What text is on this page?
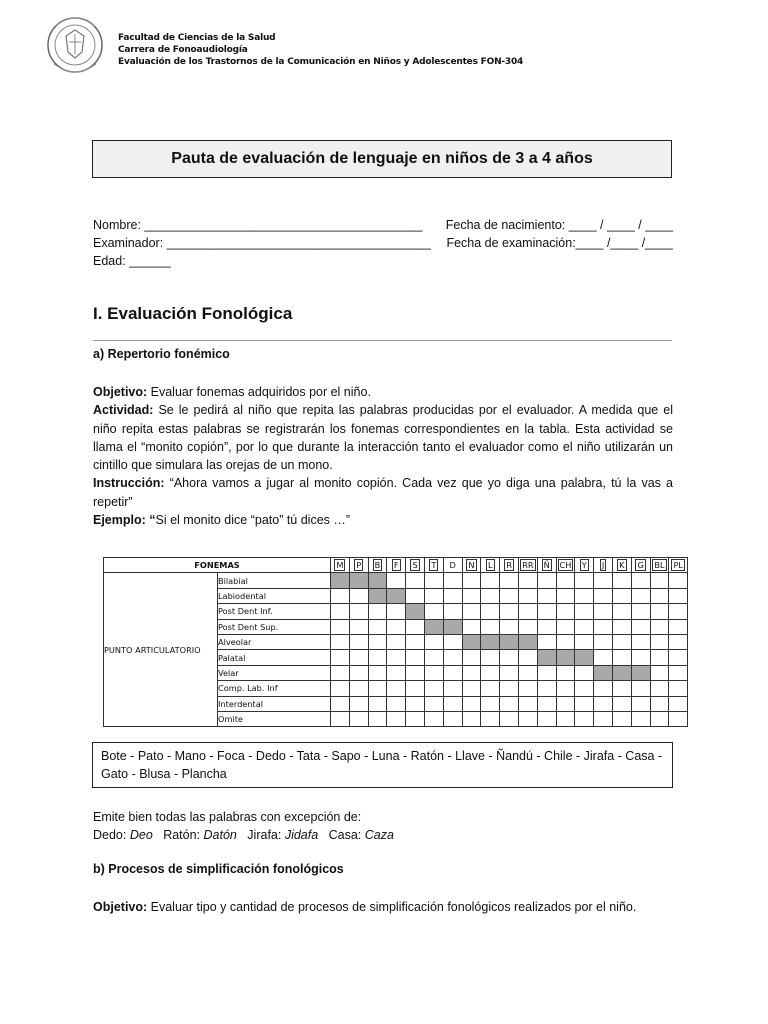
Facultad de Ciencias de la Salud
Carrera de Fonoaudiología
Evaluación de los Trastornos de la Comunicación en Niños y Adolescentes FON-304
Pauta de evaluación de lenguaje en niños de 3 a 4 años
Nombre: ________________________________________ Fecha de nacimiento: ____ / ____ / ____
Examinador: ______________________________________ Fecha de examinación:____ /____ /____
Edad: ______
I. Evaluación Fonológica
a) Repertorio fonémico
Objetivo: Evaluar fonemas adquiridos por el niño.
Actividad: Se le pedirá al niño que repita las palabras producidas por el evaluador. A medida que el niño repita estas palabras se registrarán los fonemas correspondientes en la tabla. Esta actividad se llama el “monito copión”, por lo que durante la interacción tanto el evaluador como el niño utilizarán un cintillo que simulara las orejas de un mono.
Instrucción: “Ahora vamos a jugar al monito copión. Cada vez que yo diga una palabra, tú la vas a repetir”
Ejemplo: “Si el monito dice “pato” tú dices …”
FONEMAS		M	P	B	F	S	T	D	N	L	R	RR	Ñ	CH	Y	J	K	G	BL	PL
PUNTO ARTICULATORIO	Bilabial																			
	Labiodental																			
	Post Dent Inf.																			
	Post Dent Sup.																			
	Alveolar																			
	Palatal																			
	Velar																			
	Comp. Lab. Inf																			
	Interdental																			
	Omite																			
Bote - Pato - Mano - Foca - Dedo - Tata - Sapo - Luna - Ratón - Llave - Ñandú - Chile - Jirafa - Casa - Gato - Blusa - Plancha
Emite bien todas las palabras con excepción de:
Dedo: Deo Ratón: Datón Jirafa: Jidafa Casa: Caza
b) Procesos de simplificación fonológicos
Objetivo: Evaluar tipo y cantidad de procesos de simplificación fonológicos realizados por el niño.
